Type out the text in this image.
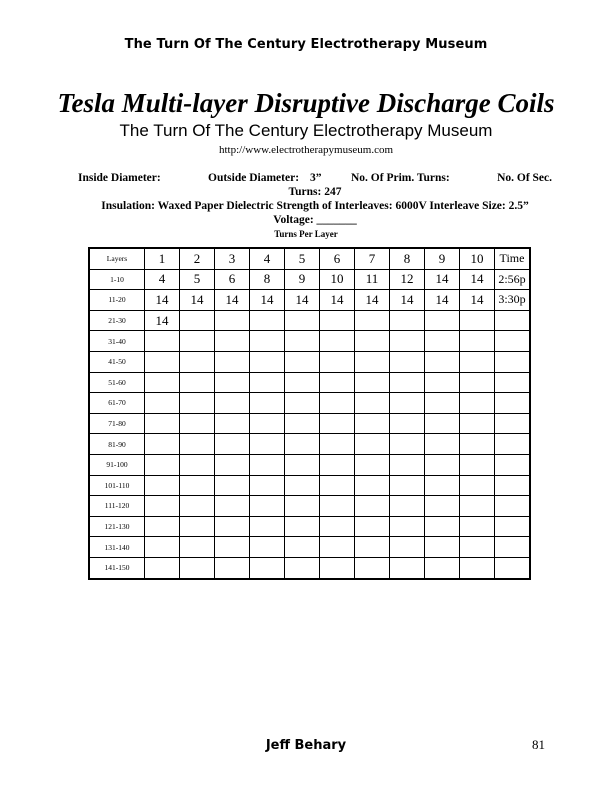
The Turn Of The Century Electrotherapy Museum
Tesla Multi-layer Disruptive Discharge Coils
The Turn Of The Century Electrotherapy Museum
http://www.electrotherapymuseum.com
Inside Diameter:	Outside Diameter: 3”	No. Of Prim. Turns:	No. Of Sec.
Turns: 247
Insulation: Waxed Paper Dielectric Strength of Interleaves: 6000V Interleave Size: 2.5”
Voltage: _______
Turns Per Layer
Layers	1	2	3	4	5	6	7	8	9	10	Time
1-10	4	5	6	8	9	10	11	12	14	14	2:56p
11-20	14	14	14	14	14	14	14	14	14	14	3:30p
21-30	14										
31-40											
41-50											
51-60											
61-70											
71-80											
81-90											
91-100											
101-110											
111-120											
121-130											
131-140											
141-150											
Jeff Behary	81
